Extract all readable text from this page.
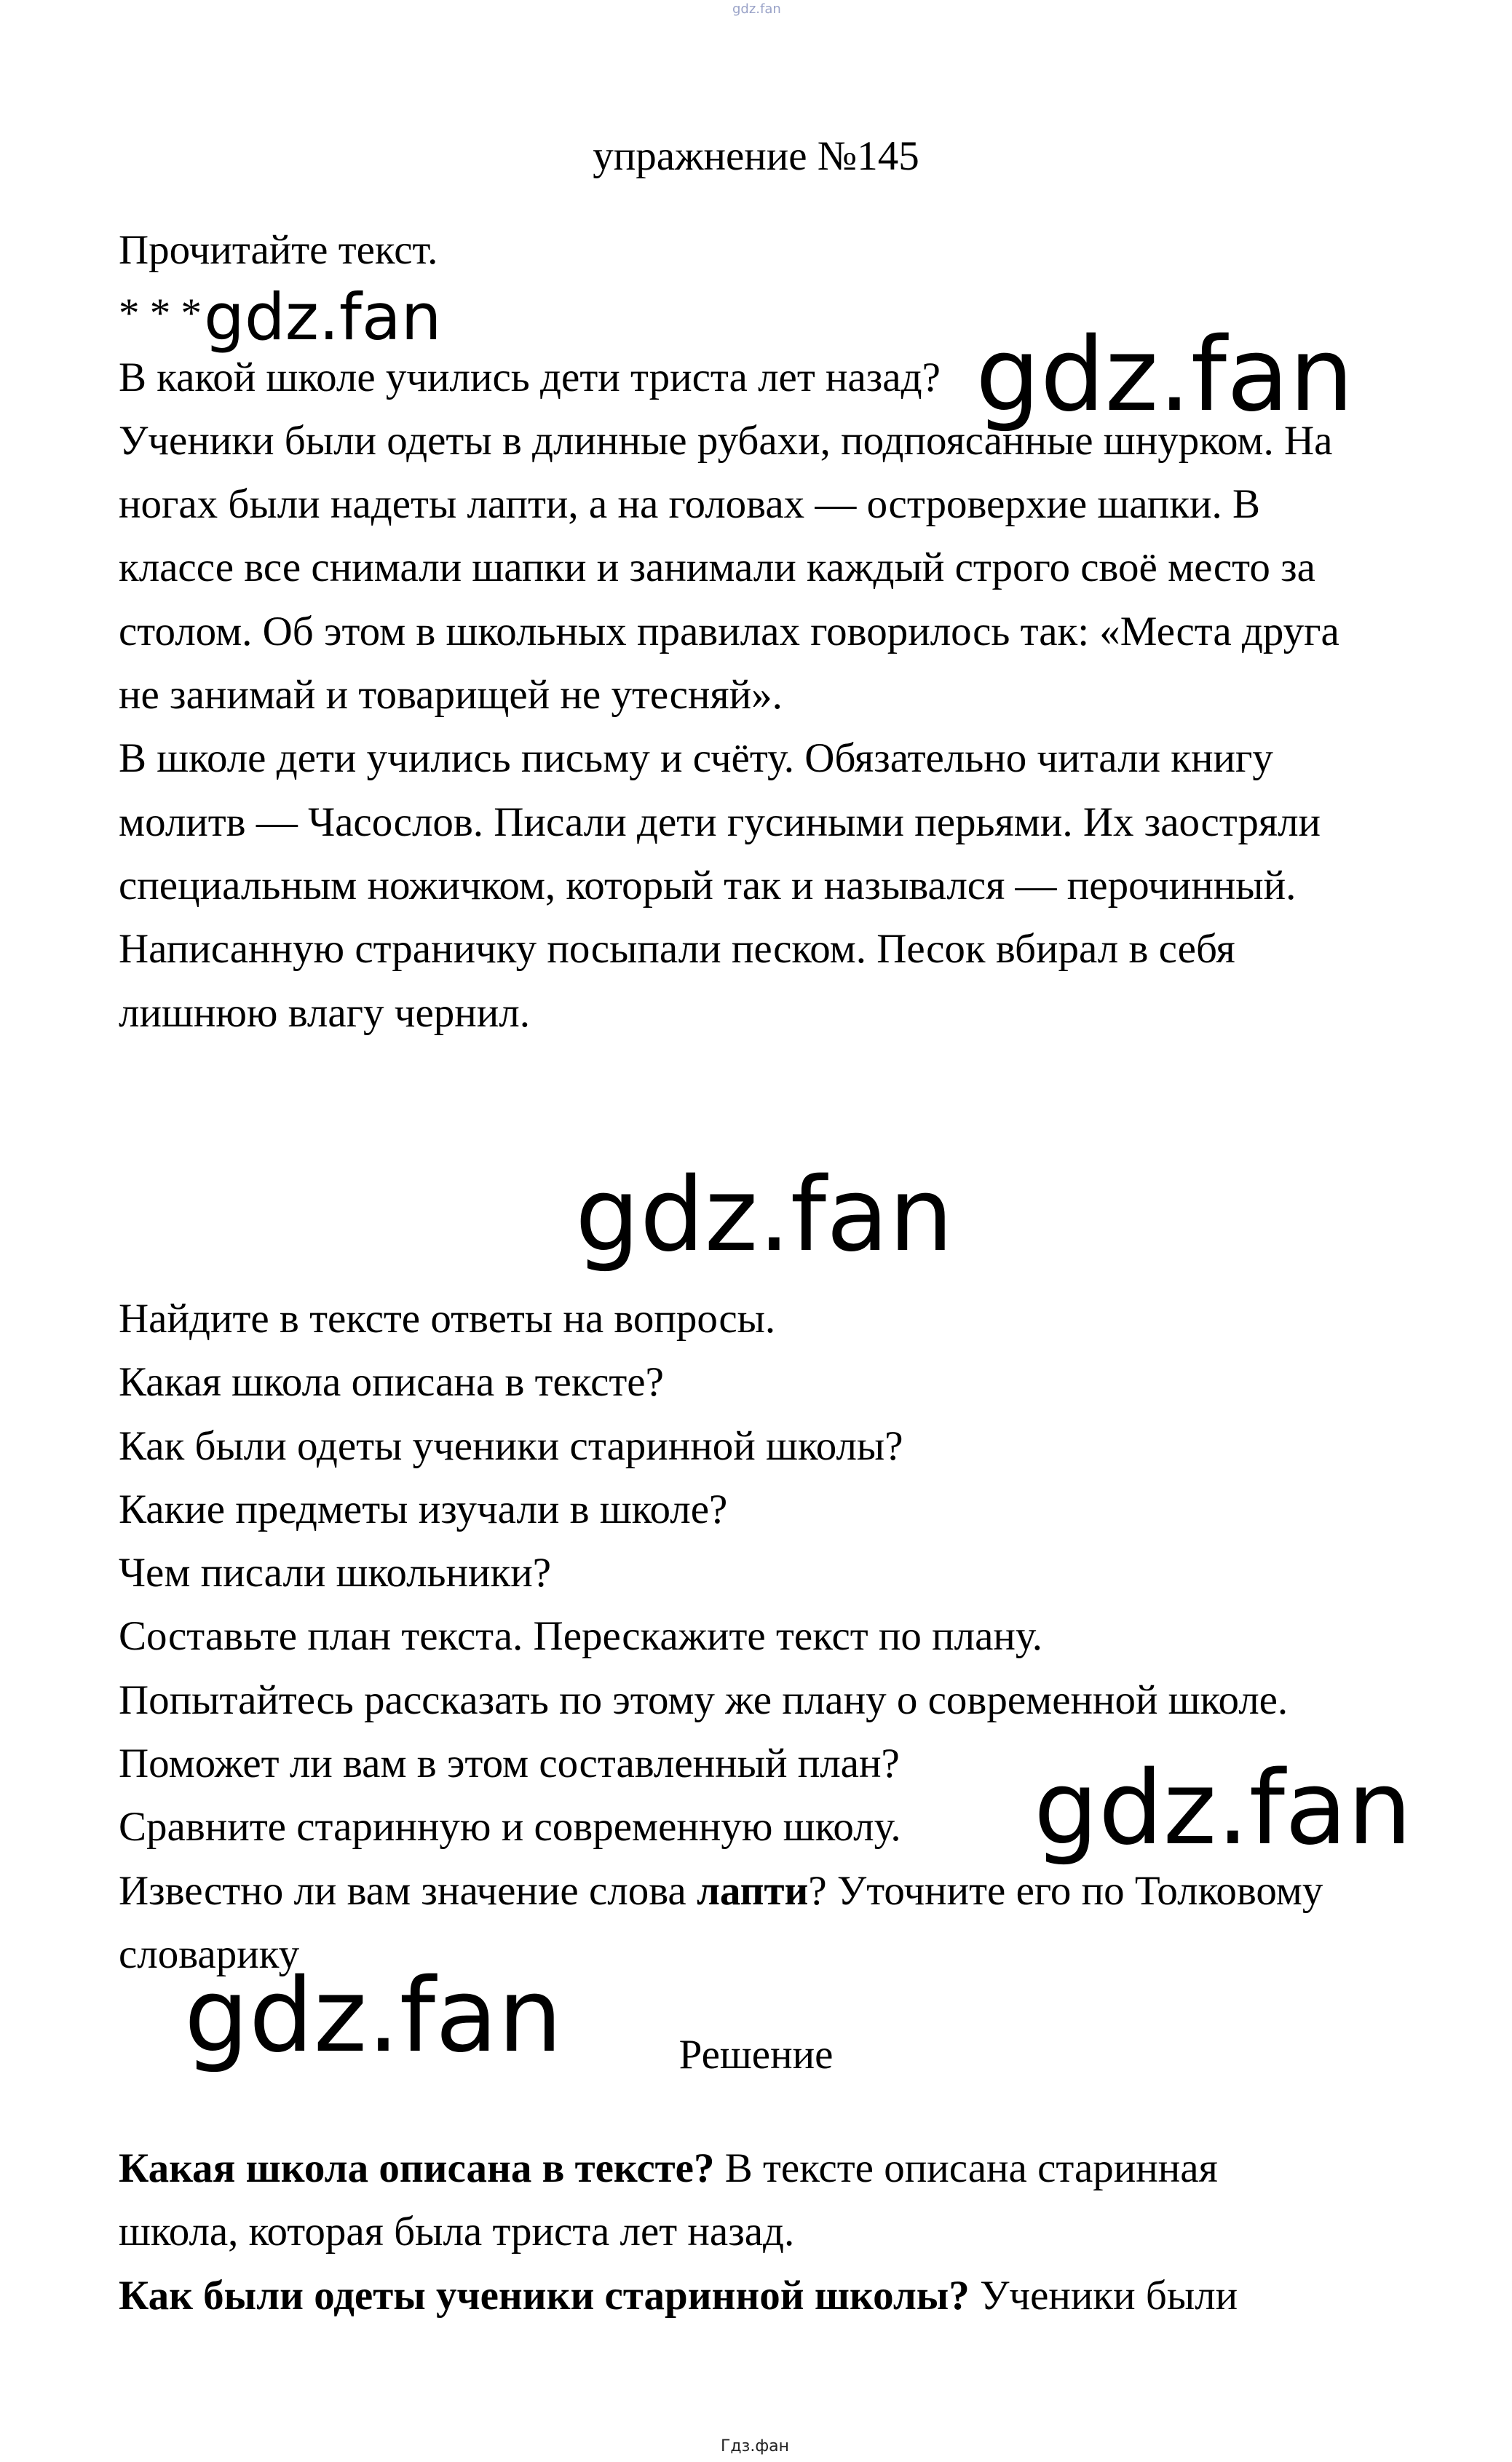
gdz.fan
упражнение №145

Прочитайте текст.

* * *

В какой школе учились дети триста лет назад?

Ученики были одеты в длинные рубахи, подпоясанные шнурком. На

ногах были надеты лапти, а на головах — островерхие шапки. В

классе все снимали шапки и занимали каждый строго своё место за

столом. Об этом в школьных правилах говорилось так: «Места друга

не занимай и товарищей не утесняй».

В школе дети учились письму и счёту. Обязательно читали книгу

молитв — Часослов. Писали дети гусиными перьями. Их заостряли

специальным ножичком, который так и назывался — перочинный.

Написанную страничку посыпали песком. Песок вбирал в себя

лишнюю влагу чернил.

Найдите в тексте ответы на вопросы.

Какая школа описана в тексте?

Как были одеты ученики старинной школы?

Какие предметы изучали в школе?

Чем писали школьники?

Составьте план текста. Перескажите текст по плану.

Попытайтесь рассказать по этому же плану о современной школе.

Поможет ли вам в этом составленный план?

Сравните старинную и современную школу.

Известно ли вам значение слова лапти? Уточните его по Толковому

словарику

Решение

Какая школа описана в тексте? В тексте описана старинная

школа, которая была триста лет назад.

Как были одеты ученики старинной школы? Ученики были

gdz.fan	gdz.fan
gdz.fan
gdz.fan
gdz.fan
Гдз.фан
